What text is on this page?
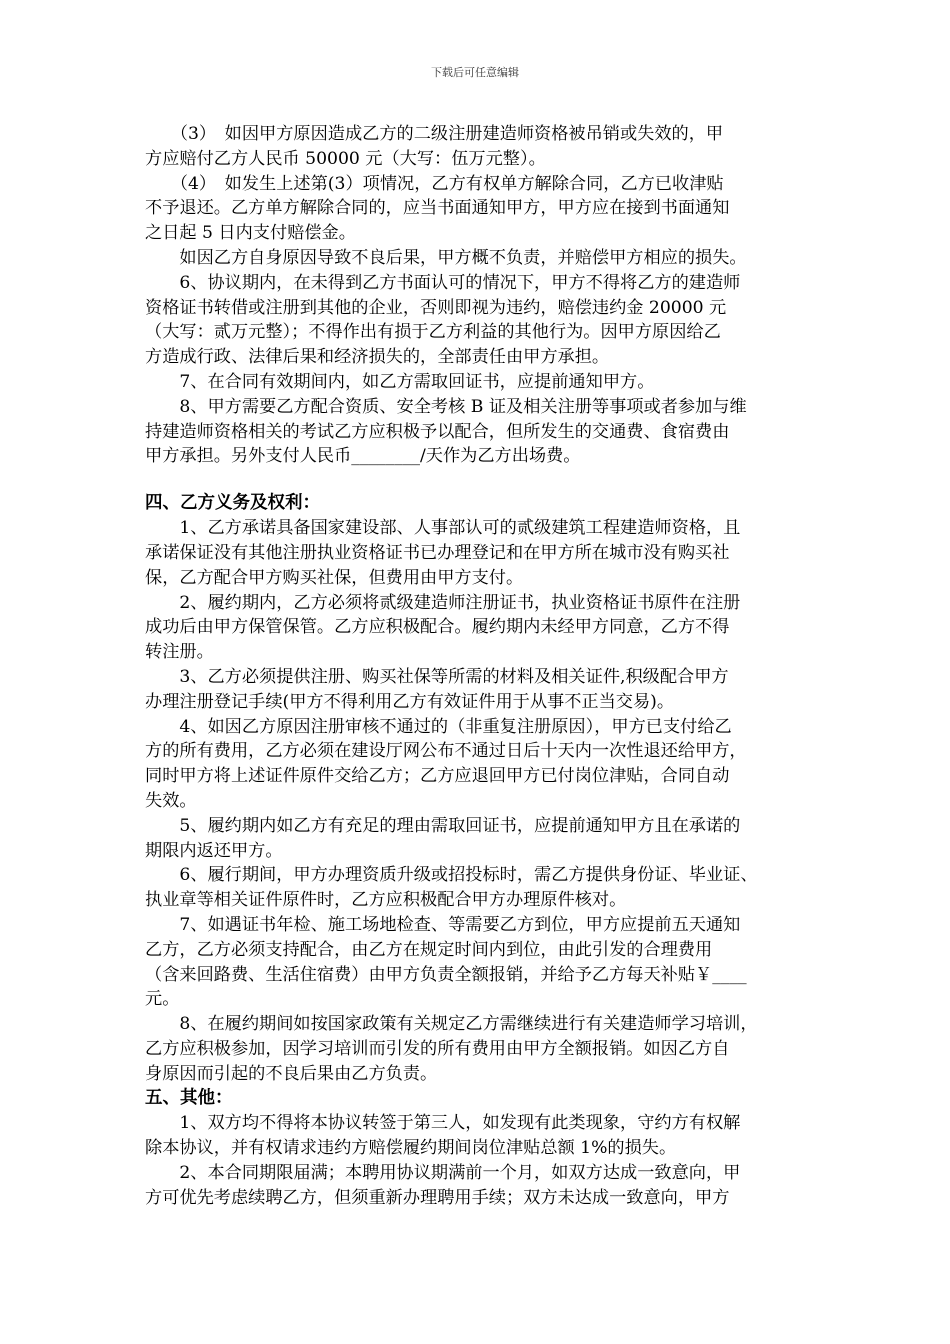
下载后可任意编辑
　　（3）　如因甲方原因造成乙方的二级注册建造师资格被吊销或失效的，甲
方应赔付乙方人民币 50000 元（大写：伍万元整）。
　　（4）　如发生上述第(3）项情况，乙方有权单方解除合同，乙方已收津贴
不予退还。乙方单方解除合同的，应当书面通知甲方，甲方应在接到书面通知
之日起 5 日内支付赔偿金。
　　如因乙方自身原因导致不良后果，甲方概不负责，并赔偿甲方相应的损失。
　　6、协议期内，在未得到乙方书面认可的情况下，甲方不得将乙方的建造师
资格证书转借或注册到其他的企业，否则即视为违约，赔偿违约金 20000 元
（大写：贰万元整）；不得作出有损于乙方利益的其他行为。因甲方原因给乙
方造成行政、法律后果和经济损失的，全部责任由甲方承担。
　　7、在合同有效期间内，如乙方需取回证书，应提前通知甲方。
　　8、甲方需要乙方配合资质、安全考核 B 证及相关注册等事项或者参加与维
持建造师资格相关的考试乙方应积极予以配合，但所发生的交通费、食宿费由
甲方承担。另外支付人民币________/天作为乙方出场费。
四、乙方义务及权利：
　　1、乙方承诺具备国家建设部、人事部认可的贰级建筑工程建造师资格，且
承诺保证没有其他注册执业资格证书已办理登记和在甲方所在城市没有购买社
保，乙方配合甲方购买社保，但费用由甲方支付。
　　2、履约期内，乙方必须将贰级建造师注册证书，执业资格证书原件在注册
成功后由甲方保管保管。乙方应积极配合。履约期内未经甲方同意，乙方不得
转注册。
　　3、乙方必须提供注册、购买社保等所需的材料及相关证件,积级配合甲方
办理注册登记手续(甲方不得利用乙方有效证件用于从事不正当交易)。
　　4、如因乙方原因注册审核不通过的（非重复注册原因），甲方已支付给乙
方的所有费用，乙方必须在建设厅网公布不通过日后十天内一次性退还给甲方，
同时甲方将上述证件原件交给乙方；乙方应退回甲方已付岗位津贴，合同自动
失效。
　　5、履约期内如乙方有充足的理由需取回证书，应提前通知甲方且在承诺的
期限内返还甲方。
　　6、履行期间，甲方办理资质升级或招投标时，需乙方提供身份证、毕业证、
执业章等相关证件原件时，乙方应积极配合甲方办理原件核对。
　　7、如遇证书年检、施工场地检查、等需要乙方到位，甲方应提前五天通知
乙方，乙方必须支持配合，由乙方在规定时间内到位，由此引发的合理费用
（含来回路费、生活住宿费）由甲方负责全额报销，并给予乙方每天补贴￥____
元。
　　8、在履约期间如按国家政策有关规定乙方需继续进行有关建造师学习培训，
乙方应积极参加，因学习培训而引发的所有费用由甲方全额报销。如因乙方自
身原因而引起的不良后果由乙方负责。
五、其他：
　　1、双方均不得将本协议转签于第三人，如发现有此类现象，守约方有权解
除本协议，并有权请求违约方赔偿履约期间岗位津贴总额 1%的损失。
　　2、本合同期限届满；本聘用协议期满前一个月，如双方达成一致意向，甲
方可优先考虑续聘乙方，但须重新办理聘用手续；双方未达成一致意向，甲方
